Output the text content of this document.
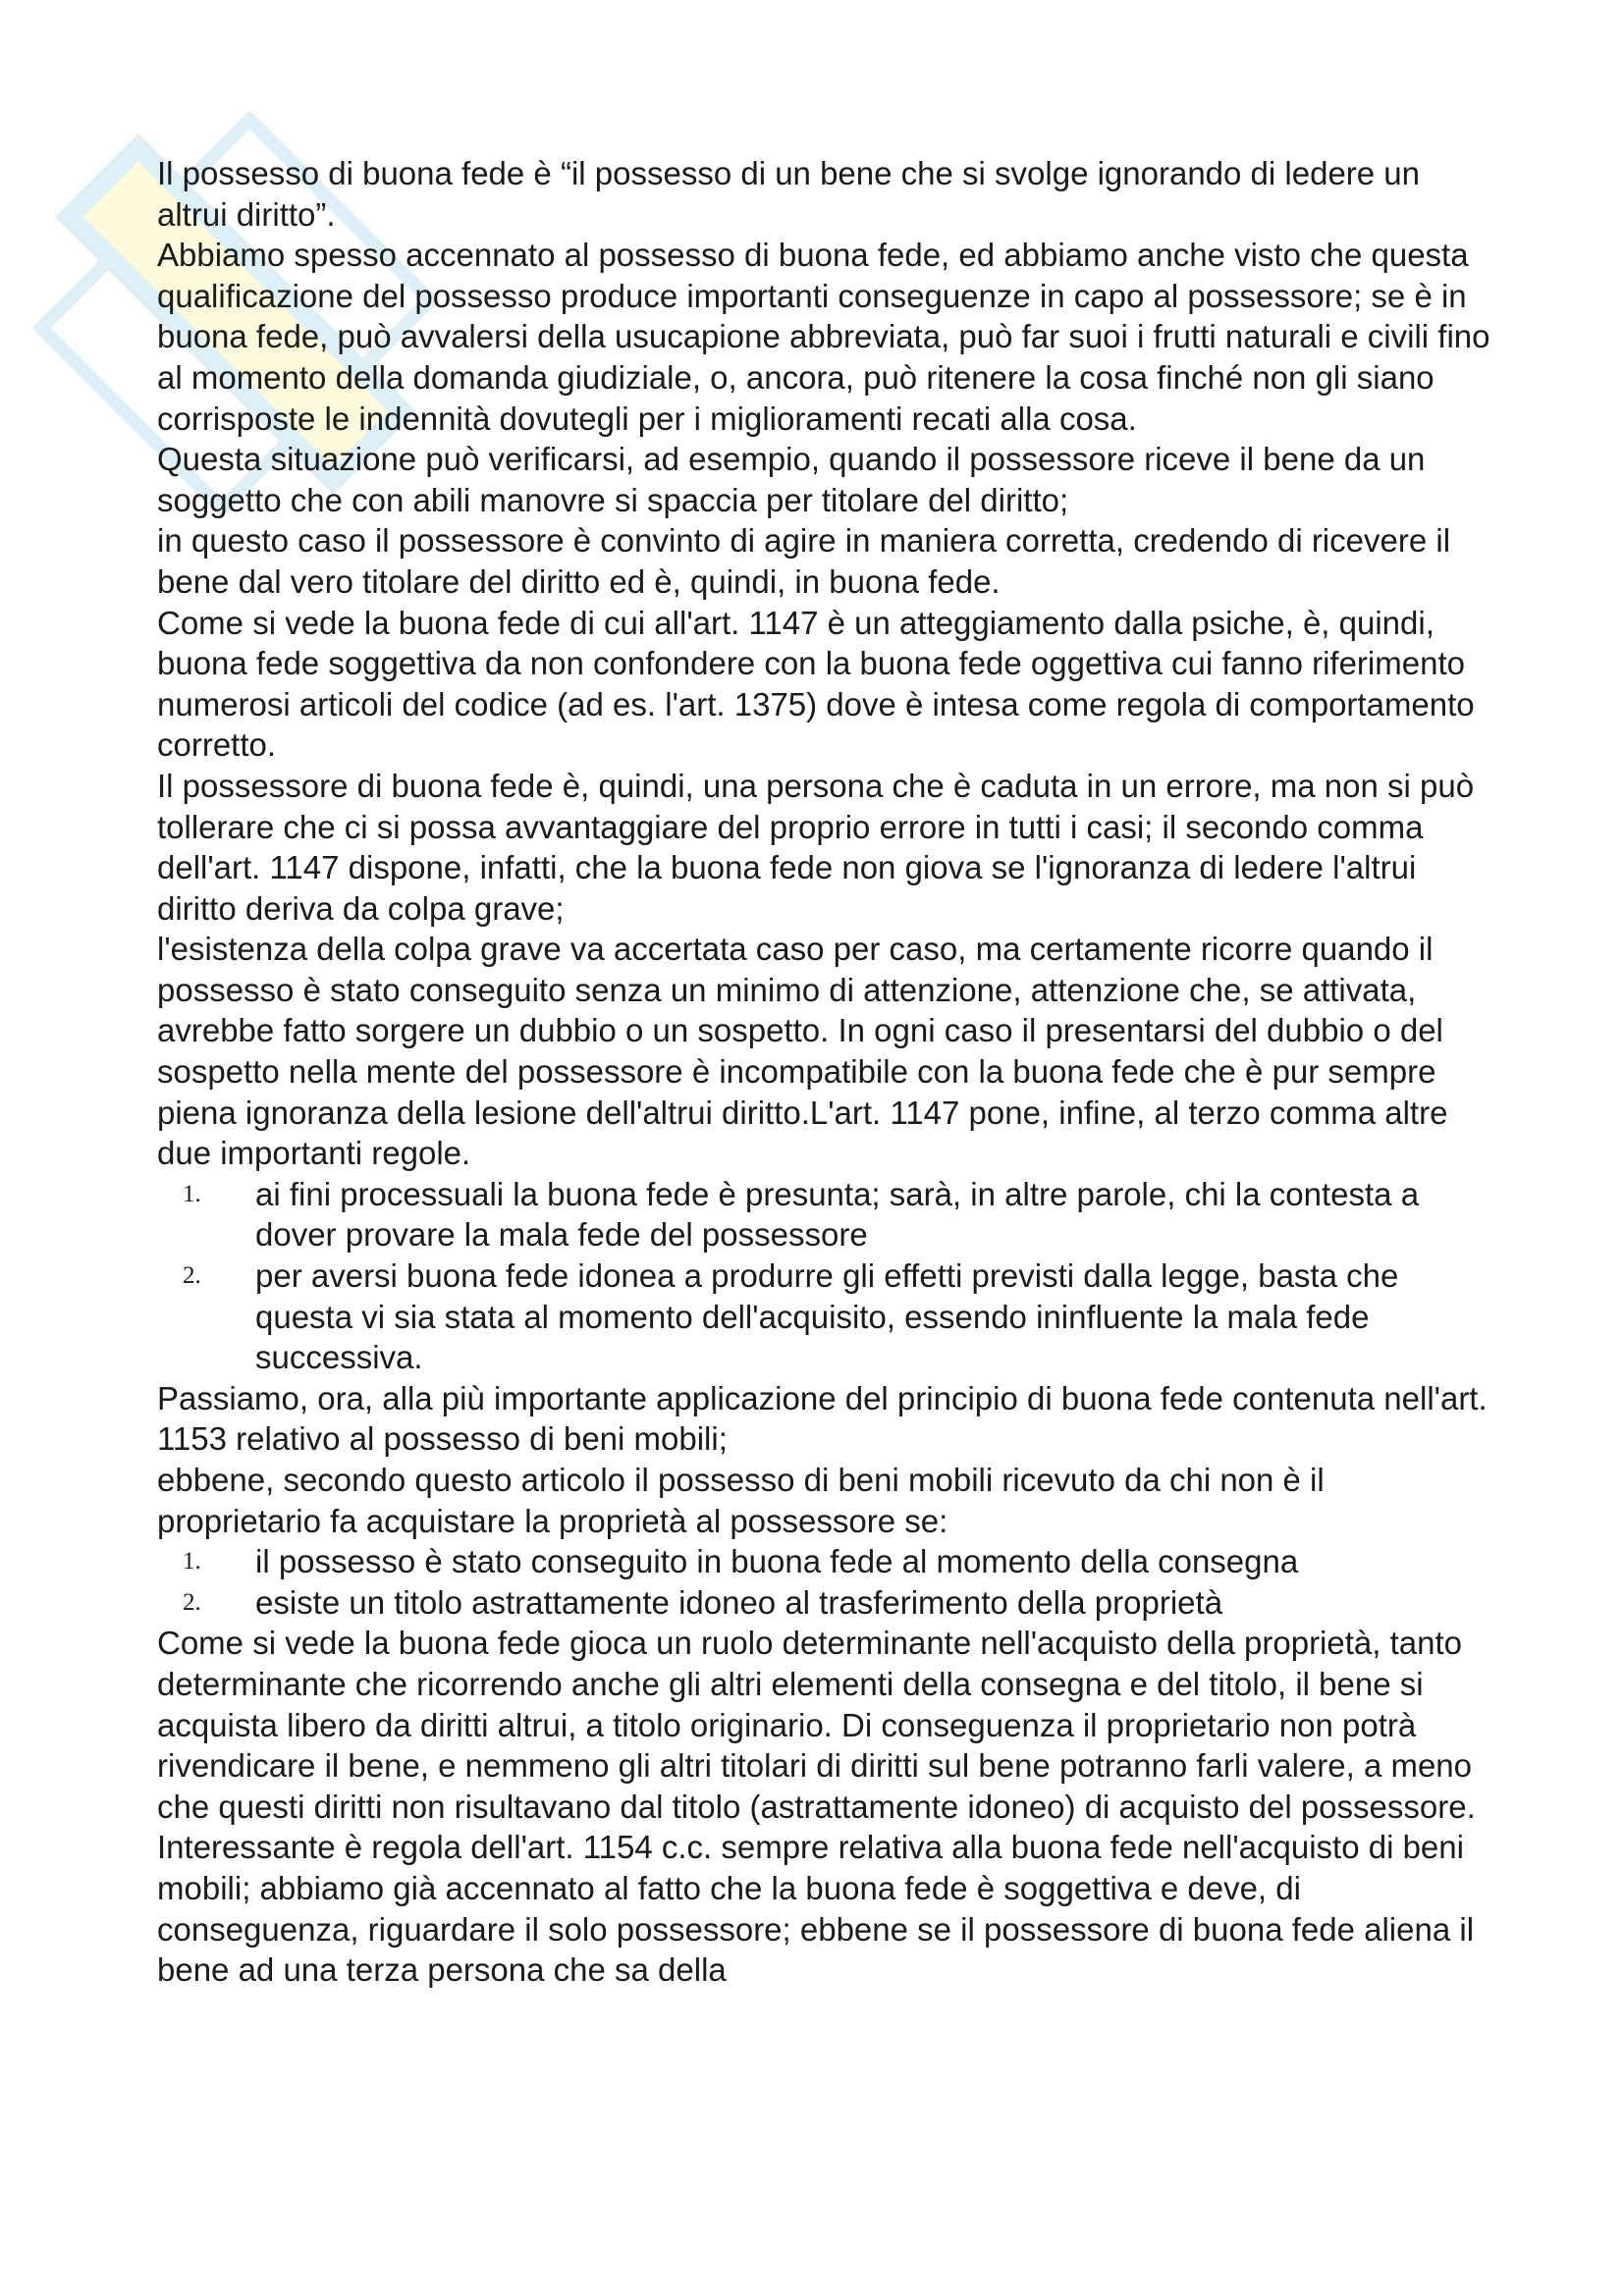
Il possesso di buona fede è “il possesso di un bene che si svolge ignorando di ledere un altrui diritto”.

Abbiamo spesso accennato al possesso di buona fede, ed abbiamo anche visto che questa qualificazione del possesso produce importanti conseguenze in capo al possessore; se è in buona fede, può avvalersi della usucapione abbreviata, può far suoi i frutti naturali e civili fino al momento della domanda giudiziale, o, ancora, può ritenere la cosa finché non gli siano corrisposte le indennità dovutegli per i miglioramenti recati alla cosa.

Questa situazione può verificarsi, ad esempio, quando il possessore riceve il bene da un soggetto che con abili manovre si spaccia per titolare del diritto;

in questo caso il possessore è convinto di agire in maniera corretta, credendo di ricevere il bene dal vero titolare del diritto ed è, quindi, in buona fede.

Come si vede la buona fede di cui all'art. 1147 è un atteggiamento dalla psiche, è, quindi, buona fede soggettiva da non confondere con la buona fede oggettiva cui fanno riferimento numerosi articoli del codice (ad es. l'art. 1375) dove è intesa come regola di comportamento corretto.

Il possessore di buona fede è, quindi, una persona che è caduta in un errore, ma non si può tollerare che ci si possa avvantaggiare del proprio errore in tutti i casi; il secondo comma dell'art. 1147 dispone, infatti, che la buona fede non giova se l'ignoranza di ledere l'altrui diritto deriva da colpa grave;

l'esistenza della colpa grave va accertata caso per caso, ma certamente ricorre quando il possesso è stato conseguito senza un minimo di attenzione, attenzione che, se attivata, avrebbe fatto sorgere un dubbio o un sospetto. In ogni caso il presentarsi del dubbio o del sospetto nella mente del possessore è incompatibile con la buona fede che è pur sempre piena ignoranza della lesione dell'altrui diritto.L'art. 1147 pone, infine, al terzo comma altre due importanti regole.

1. ai fini processuali la buona fede è presunta; sarà, in altre parole, chi la contesta a dover provare la mala fede del possessore
2. per aversi buona fede idonea a produrre gli effetti previsti dalla legge, basta che questa vi sia stata al momento dell'acquisito, essendo ininfluente la mala fede successiva.

Passiamo, ora, alla più importante applicazione del principio di buona fede contenuta nell'art. 1153 relativo al possesso di beni mobili;

ebbene, secondo questo articolo il possesso di beni mobili ricevuto da chi non è il proprietario fa acquistare la proprietà al possessore se:

1. il possesso è stato conseguito in buona fede al momento della consegna
2. esiste un titolo astrattamente idoneo al trasferimento della proprietà

Come si vede la buona fede gioca un ruolo determinante nell'acquisto della proprietà, tanto determinante che ricorrendo anche gli altri elementi della consegna e del titolo, il bene si acquista libero da diritti altrui, a titolo originario. Di conseguenza il proprietario non potrà rivendicare il bene, e nemmeno gli altri titolari di diritti sul bene potranno farli valere, a meno che questi diritti non risultavano dal titolo (astrattamente idoneo) di acquisto del possessore.

Interessante è regola dell'art. 1154 c.c. sempre relativa alla buona fede nell'acquisto di beni mobili; abbiamo già accennato al fatto che la buona fede è soggettiva e deve, di conseguenza, riguardare il solo possessore; ebbene se il possessore di buona fede aliena il bene ad una terza persona che sa della
